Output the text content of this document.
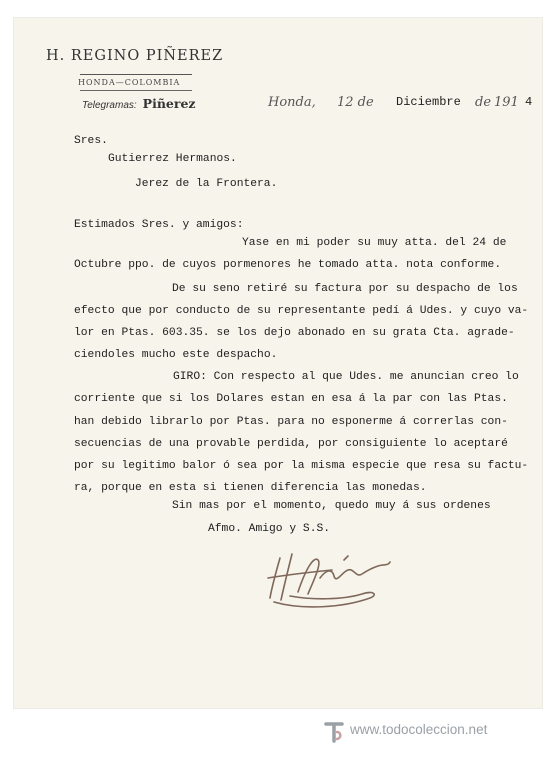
H. REGINO PIÑEREZ
HONDA—COLOMBIA
Telegramas: Piñerez	Honda, 12 de Diciembre de 191 4
Sres.
Gutierrez Hermanos.
Jerez de la Frontera.
Estimados Sres. y amigos:
Yase en mi poder su muy atta. del 24 de
Octubre ppo. de cuyos pormenores he tomado atta. nota conforme.
De su seno retiré su factura por su despacho de los
efecto que por conducto de su representante pedí á Udes. y cuyo va-
lor en Ptas. 603.35. se los dejo abonado en su grata Cta. agrade-
ciendoles mucho este despacho.
GIRO: Con respecto al que Udes. me anuncian creo lo
corriente que si los Dolares estan en esa á la par con las Ptas.
han debido librarlo por Ptas. para no esponerme á correrlas con-
secuencias de una provable perdida, por consiguiente lo aceptaré
por su legitimo balor ó sea por la misma especie que resa su factu-
ra, porque en esta si tienen diferencia las monedas.
Sin mas por el momento, quedo muy á sus ordenes
Afmo. Amigo y S.S.
www.todocoleccion.net
